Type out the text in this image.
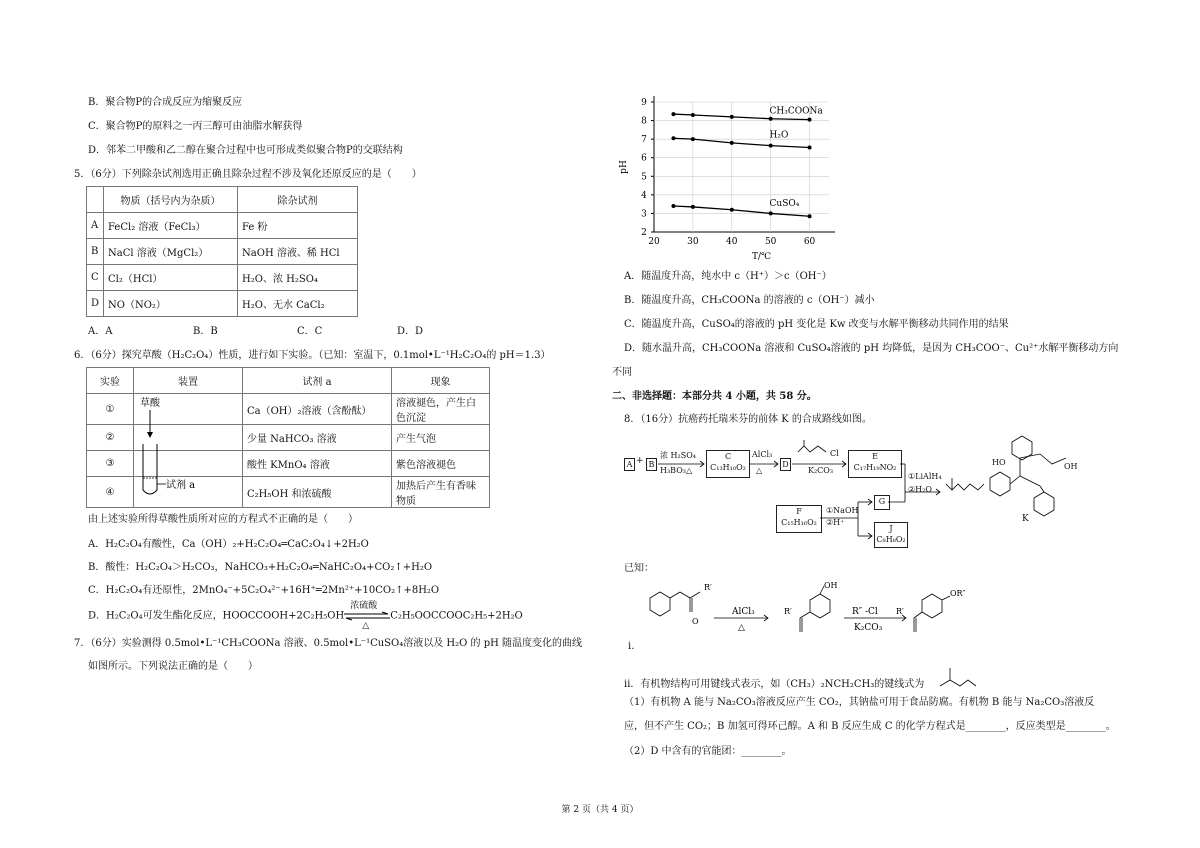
B．聚合物P的合成反应为缩聚反应
C．聚合物P的原料之一丙三醇可由油脂水解获得
D．邻苯二甲酸和乙二醇在聚合过程中也可形成类似聚合物P的交联结构
5．（6分）下列除杂试剂选用正确且除杂过程不涉及氧化还原反应的是（　　）
	物质（括号内为杂质）	除杂试剂
A	FeCl₂ 溶液（FeCl₃）	Fe 粉
B	NaCl 溶液（MgCl₂）	NaOH 溶液、稀 HCl
C	Cl₂（HCl）	H₂O、浓 H₂SO₄
D	NO（NO₂）	H₂O、无水 CaCl₂
A．A	B．B	C．C	D．D
6．（6分）探究草酸（H₂C₂O₄）性质，进行如下实验。（已知：室温下，0.1mol•L⁻¹H₂C₂O₄的 pH＝1.3）
实验	装置	试剂 a	现象
①		Ca（OH）₂溶液（含酚酞）	溶液褪色，产生白色沉淀
②		少量 NaHCO₃ 溶液	产生气泡
③		酸性 KMnO₄ 溶液	紫色溶液褪色
④		C₂H₅OH 和浓硫酸	加热后产生有香味物质
草酸
试剂 a
由上述实验所得草酸性质所对应的方程式不正确的是（　　）
A．H₂C₂O₄有酸性，Ca（OH）₂+H₂C₂O₄═CaC₂O₄↓+2H₂O
B．酸性：H₂C₂O₄＞H₂CO₃，NaHCO₃+H₂C₂O₄═NaHC₂O₄+CO₂↑+H₂O
C．H₂C₂O₄有还原性，2MnO₄⁻+5C₂O₄²⁻+16H⁺═2Mn²⁺+10CO₂↑+8H₂O
D．H₂C₂O₄可发生酯化反应，HOOCCOOH+2C₂H₅OH
浓硫酸
△
C₂H₅OOCCOOC₂H₅+2H₂O
7．（6分）实验测得 0.5mol•L⁻¹CH₃COONa 溶液、0.5mol•L⁻¹CuSO₄溶液以及 H₂O 的 pH 随温度变化的曲线
如图所示。下列说法正确的是（　　）
2
3
4
5
6
7
8
9
20	30	40	50	60
T/℃
pH
CH₃COONa
H₂O
CuSO₄
A．随温度升高，纯水中 c（H⁺）＞c（OH⁻）
B．随温度升高，CH₃COONa 的溶液的 c（OH⁻）减小
C．随温度升高，CuSO₄的溶液的 pH 变化是 Kw 改变与水解平衡移动共同作用的结果
D．随水温升高，CH₃COONa 溶液和 CuSO₄溶液的 pH 均降低，是因为 CH₃COO⁻、Cu²⁺水解平衡移动方向
不同
二、非选择题：本部分共 4 小题，共 58 分。
8．（16分）抗癌药托瑞米芬的前体 K 的合成路线如图。
A + B
浓 H₂SO₄
H₃BO₃△
C
C₁₃H₁₀O₂
AlCl₃
△
D
Cl
K₂CO₃
E
C₁₇H₁₉NO₂
①LiAlH₄
②H₂O
F
C₁₅H₁₆O₂
①NaOH
②H⁺
G
J
C₈H₈O₂
HO	OH
K
已知：
R′
O
AlCl₃
△
R′
OH
R″ -Cl
K₂CO₃
R′
OR″
ⅰ.
ⅱ．有机物结构可用键线式表示，如（CH₃）₂NCH₂CH₃的键线式为
（1）有机物 A 能与 Na₂CO₃溶液反应产生 CO₂，其钠盐可用于食品防腐。有机物 B 能与 Na₂CO₃溶液反
应，但不产生 CO₂；B 加氢可得环己醇。A 和 B 反应生成 C 的化学方程式是________，反应类型是________。
（2）D 中含有的官能团：________。
第 2 页（共 4 页）
